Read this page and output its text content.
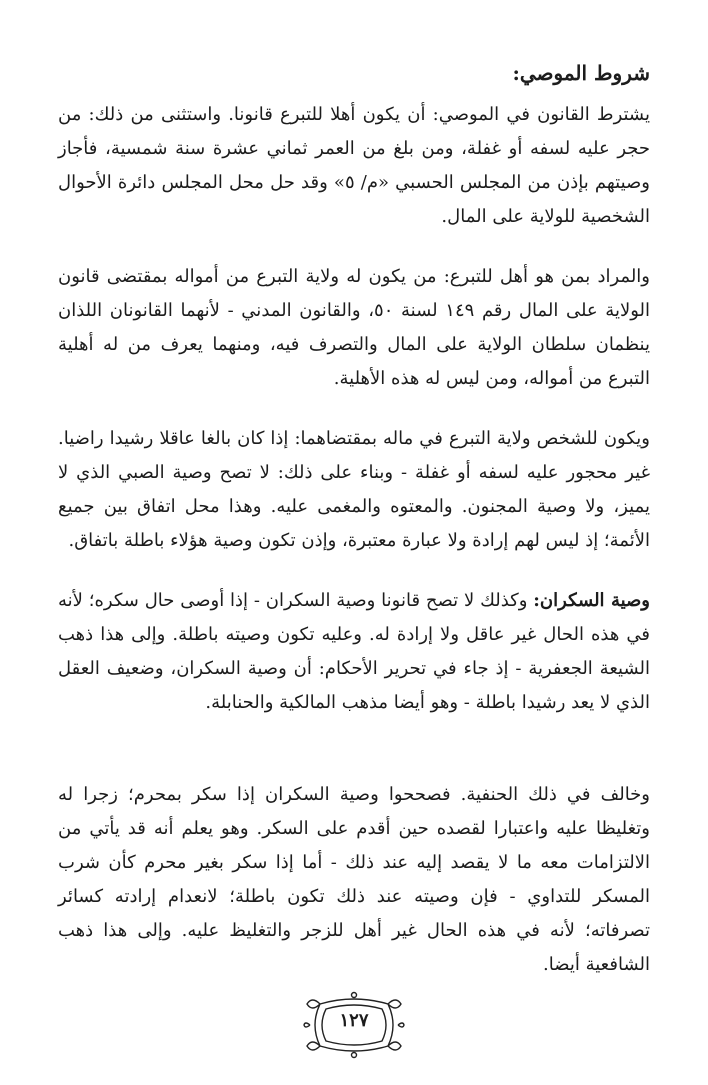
شروط الموصي:

يشترط القانون في الموصي: أن يكون أهلا للتبرع قانونا. واستثنى من ذلك: من حجر عليه لسفه أو غفلة، ومن بلغ من العمر ثماني عشرة سنة شمسية، فأجاز وصيتهم بإذن من المجلس الحسبي «م/ ٥» وقد حل محل المجلس دائرة الأحوال الشخصية للولاية على المال.

والمراد بمن هو أهل للتبرع: من يكون له ولاية التبرع من أمواله بمقتضى قانون الولاية على المال رقم ١٤٩ لسنة ٥٠، والقانون المدني - لأنهما القانونان اللذان ينظمان سلطان الولاية على المال والتصرف فيه، ومنهما يعرف من له أهلية التبرع من أمواله، ومن ليس له هذه الأهلية.

ويكون للشخص ولاية التبرع في ماله بمقتضاهما: إذا كان بالغا عاقلا رشيدا راضيا. غير محجور عليه لسفه أو غفلة - وبناء على ذلك: لا تصح وصية الصبي الذي لا يميز، ولا وصية المجنون. والمعتوه والمغمى عليه. وهذا محل اتفاق بين جميع الأئمة؛ إذ ليس لهم إرادة ولا عبارة معتبرة، وإذن تكون وصية هؤلاء باطلة باتفاق.

وصية السكران: وكذلك لا تصح قانونا وصية السكران - إذا أوصى حال سكره؛ لأنه في هذه الحال غير عاقل ولا إرادة له. وعليه تكون وصيته باطلة. وإلى هذا ذهب الشيعة الجعفرية - إذ جاء في تحرير الأحكام: أن وصية السكران، وضعيف العقل الذي لا يعد رشيدا باطلة - وهو أيضا مذهب المالكية والحنابلة.

وخالف في ذلك الحنفية. فصححوا وصية السكران إذا سكر بمحرم؛ زجرا له وتغليظا عليه واعتبارا لقصده حين أقدم على السكر. وهو يعلم أنه قد يأتي من الالتزامات معه ما لا يقصد إليه عند ذلك - أما إذا سكر بغير محرم كأن شرب المسكر للتداوي - فإن وصيته عند ذلك تكون باطلة؛ لانعدام إرادته كسائر تصرفاته؛ لأنه في هذه الحال غير أهل للزجر والتغليظ عليه. وإلى هذا ذهب الشافعية أيضا.

١٢٧
